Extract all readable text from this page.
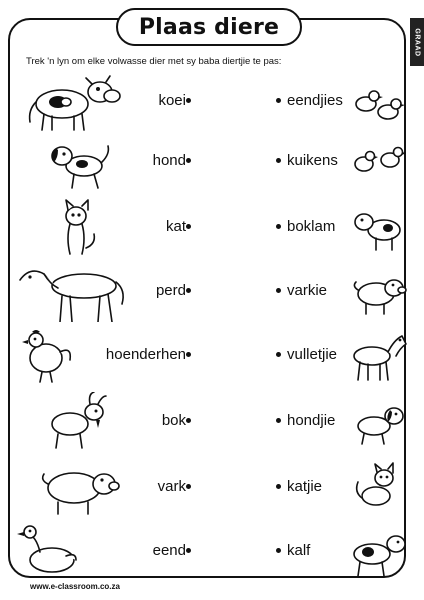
Plaas diere
GRAAD
Trek 'n lyn om elke volwasse dier met sy baba diertjie te pas:
koei	eendjies
hond	kuikens
kat	boklam
perd	varkie
hoenderhen	vulletjie
bok	hondjie
vark	katjie
eend	kalf
www.e-classroom.co.za
